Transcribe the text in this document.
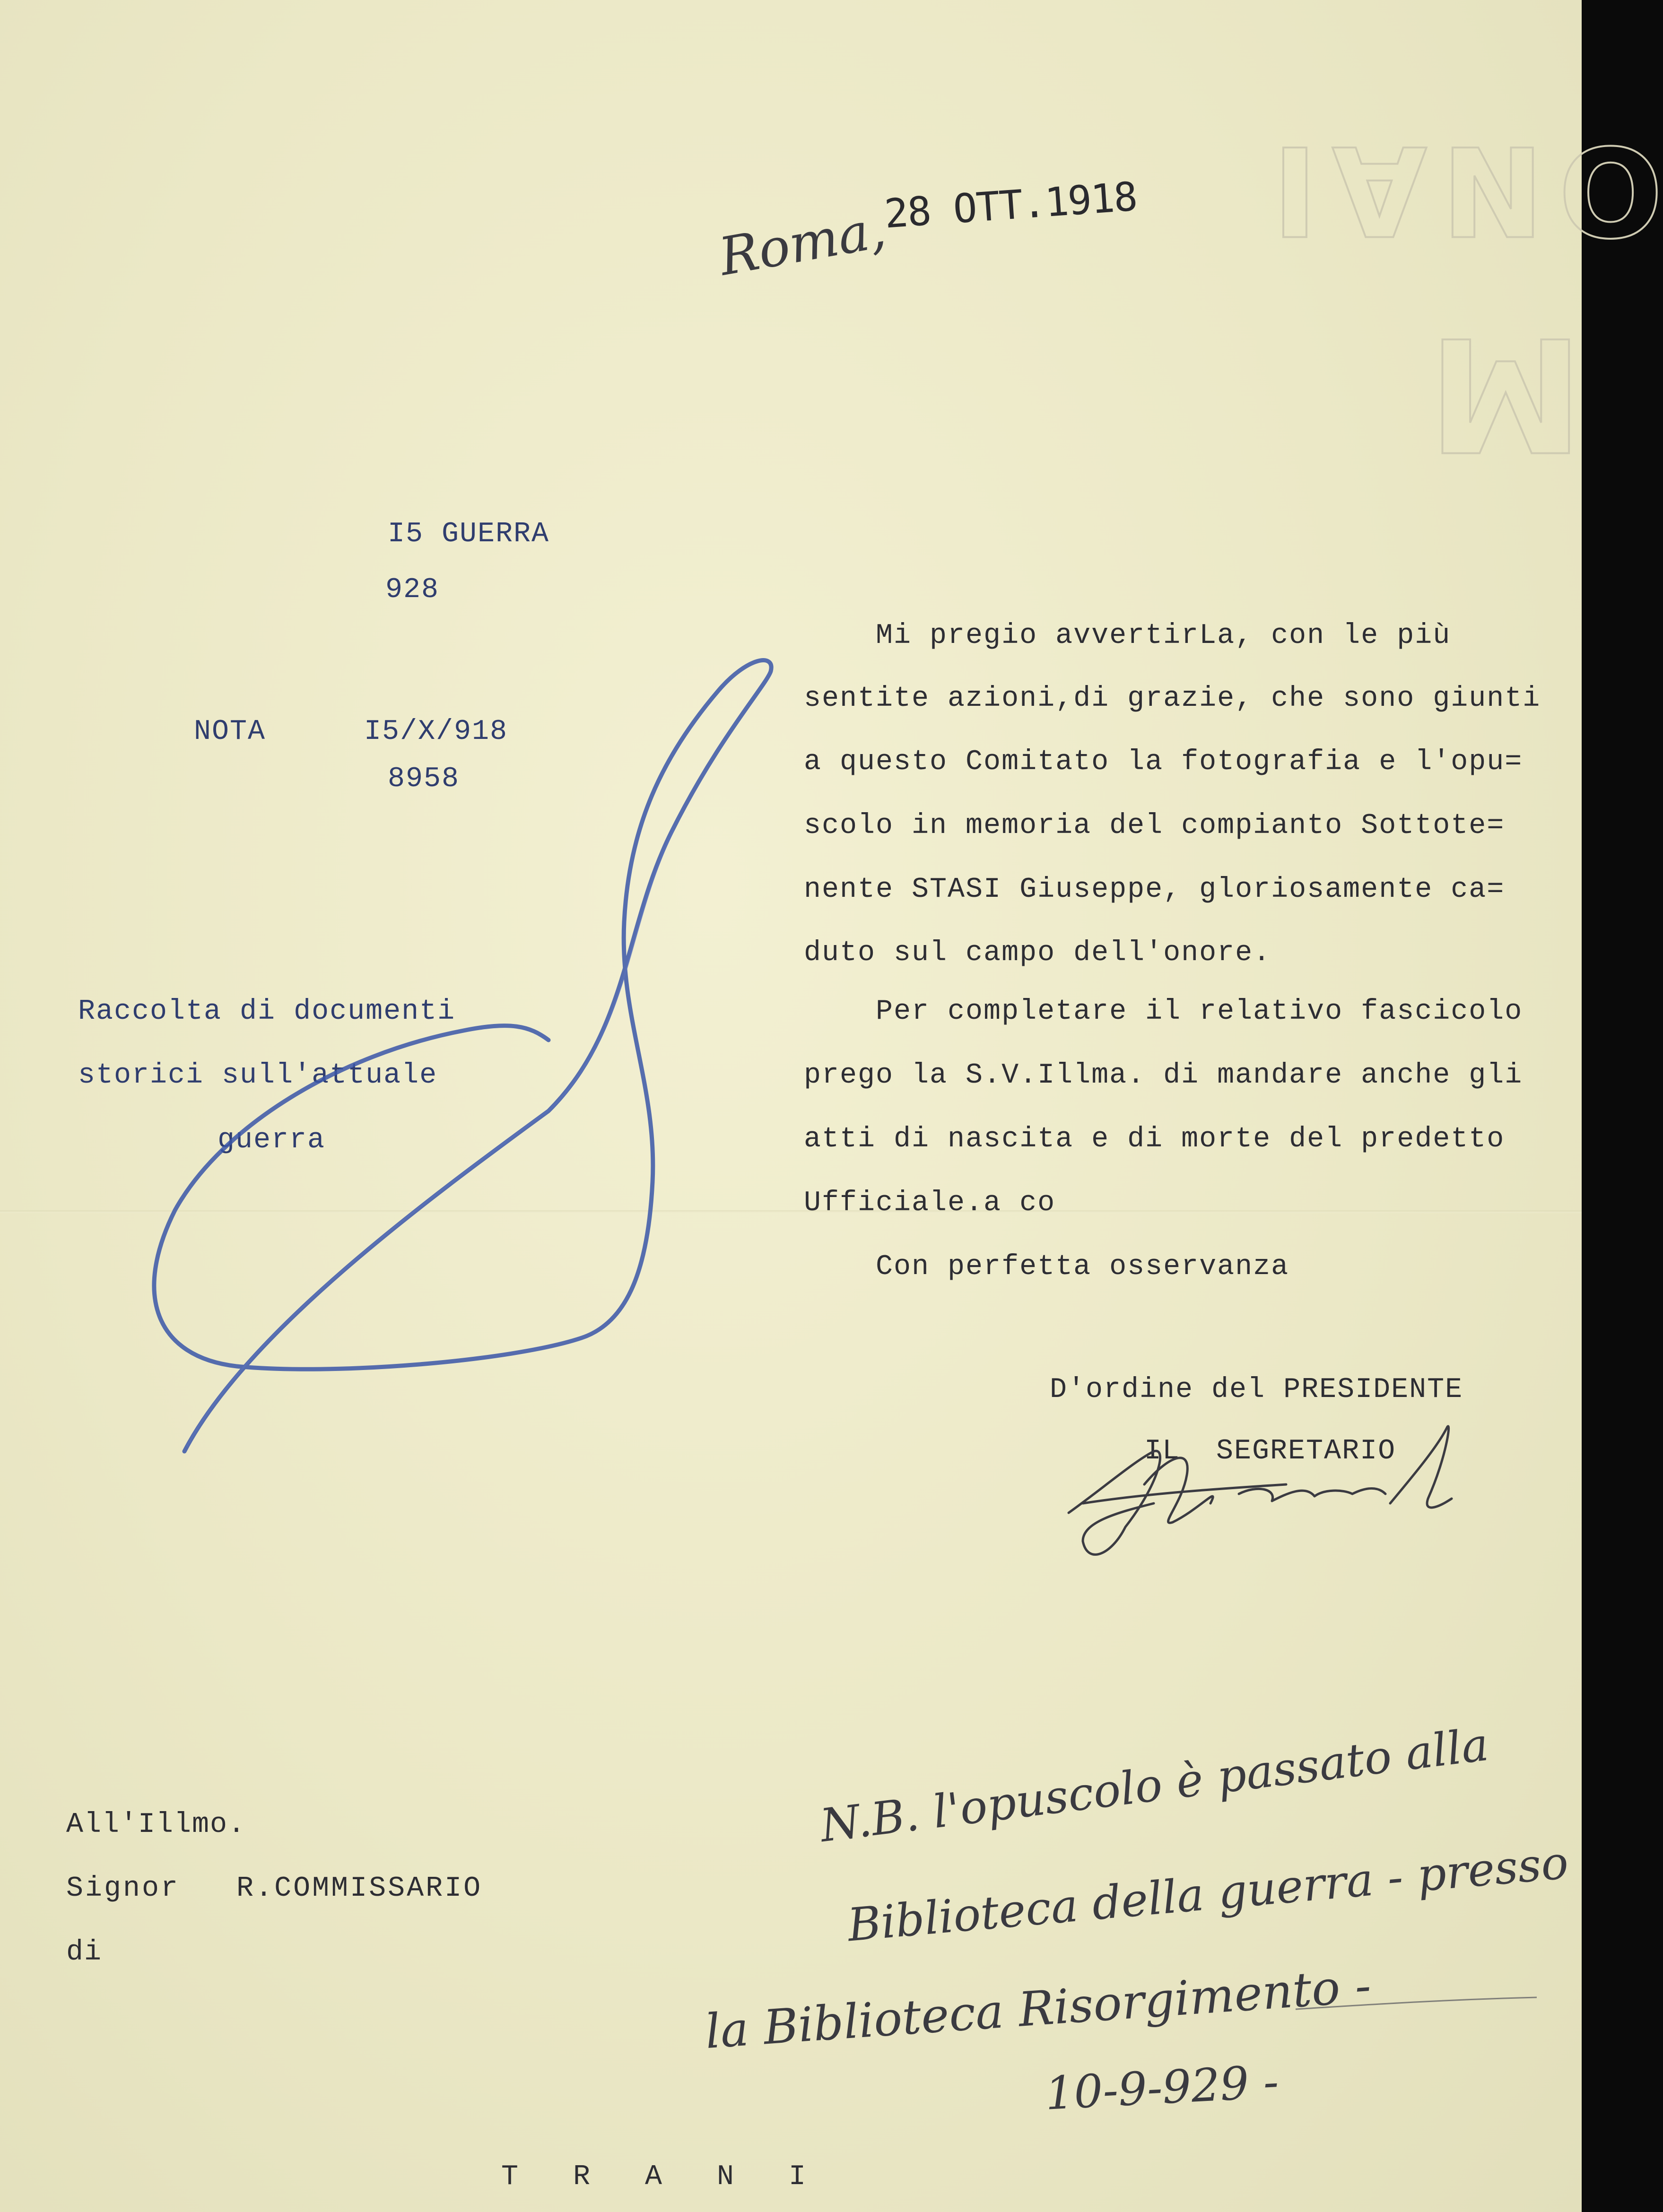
ONAI
M
Roma,
28 OTT.1918
I5 GUERRA
928
NOTA	I5/X/918
8958
Raccolta di documenti
storici sull'attuale
guerra
Mi pregio avvertirLa, con le più
sentite azioni,di grazie, che sono giunti
a questo Comitato la fotografia e l'opu=
scolo in memoria del compianto Sottote=
nente STASI Giuseppe, gloriosamente ca=
duto sul campo dell'onore.
Per completare il relativo fascicolo
prego la S.V.Illma. di mandare anche gli
atti di nascita e di morte del predetto
Ufficiale.a co
Con perfetta osservanza
D'ordine del PRESIDENTE
IL  SEGRETARIO
All'Illmo.
Signor   R.COMMISSARIO
di
T R A N I
N.B. l'opuscolo è passato alla
Biblioteca della guerra - presso
la Biblioteca Risorgimento -
10-9-929 -
